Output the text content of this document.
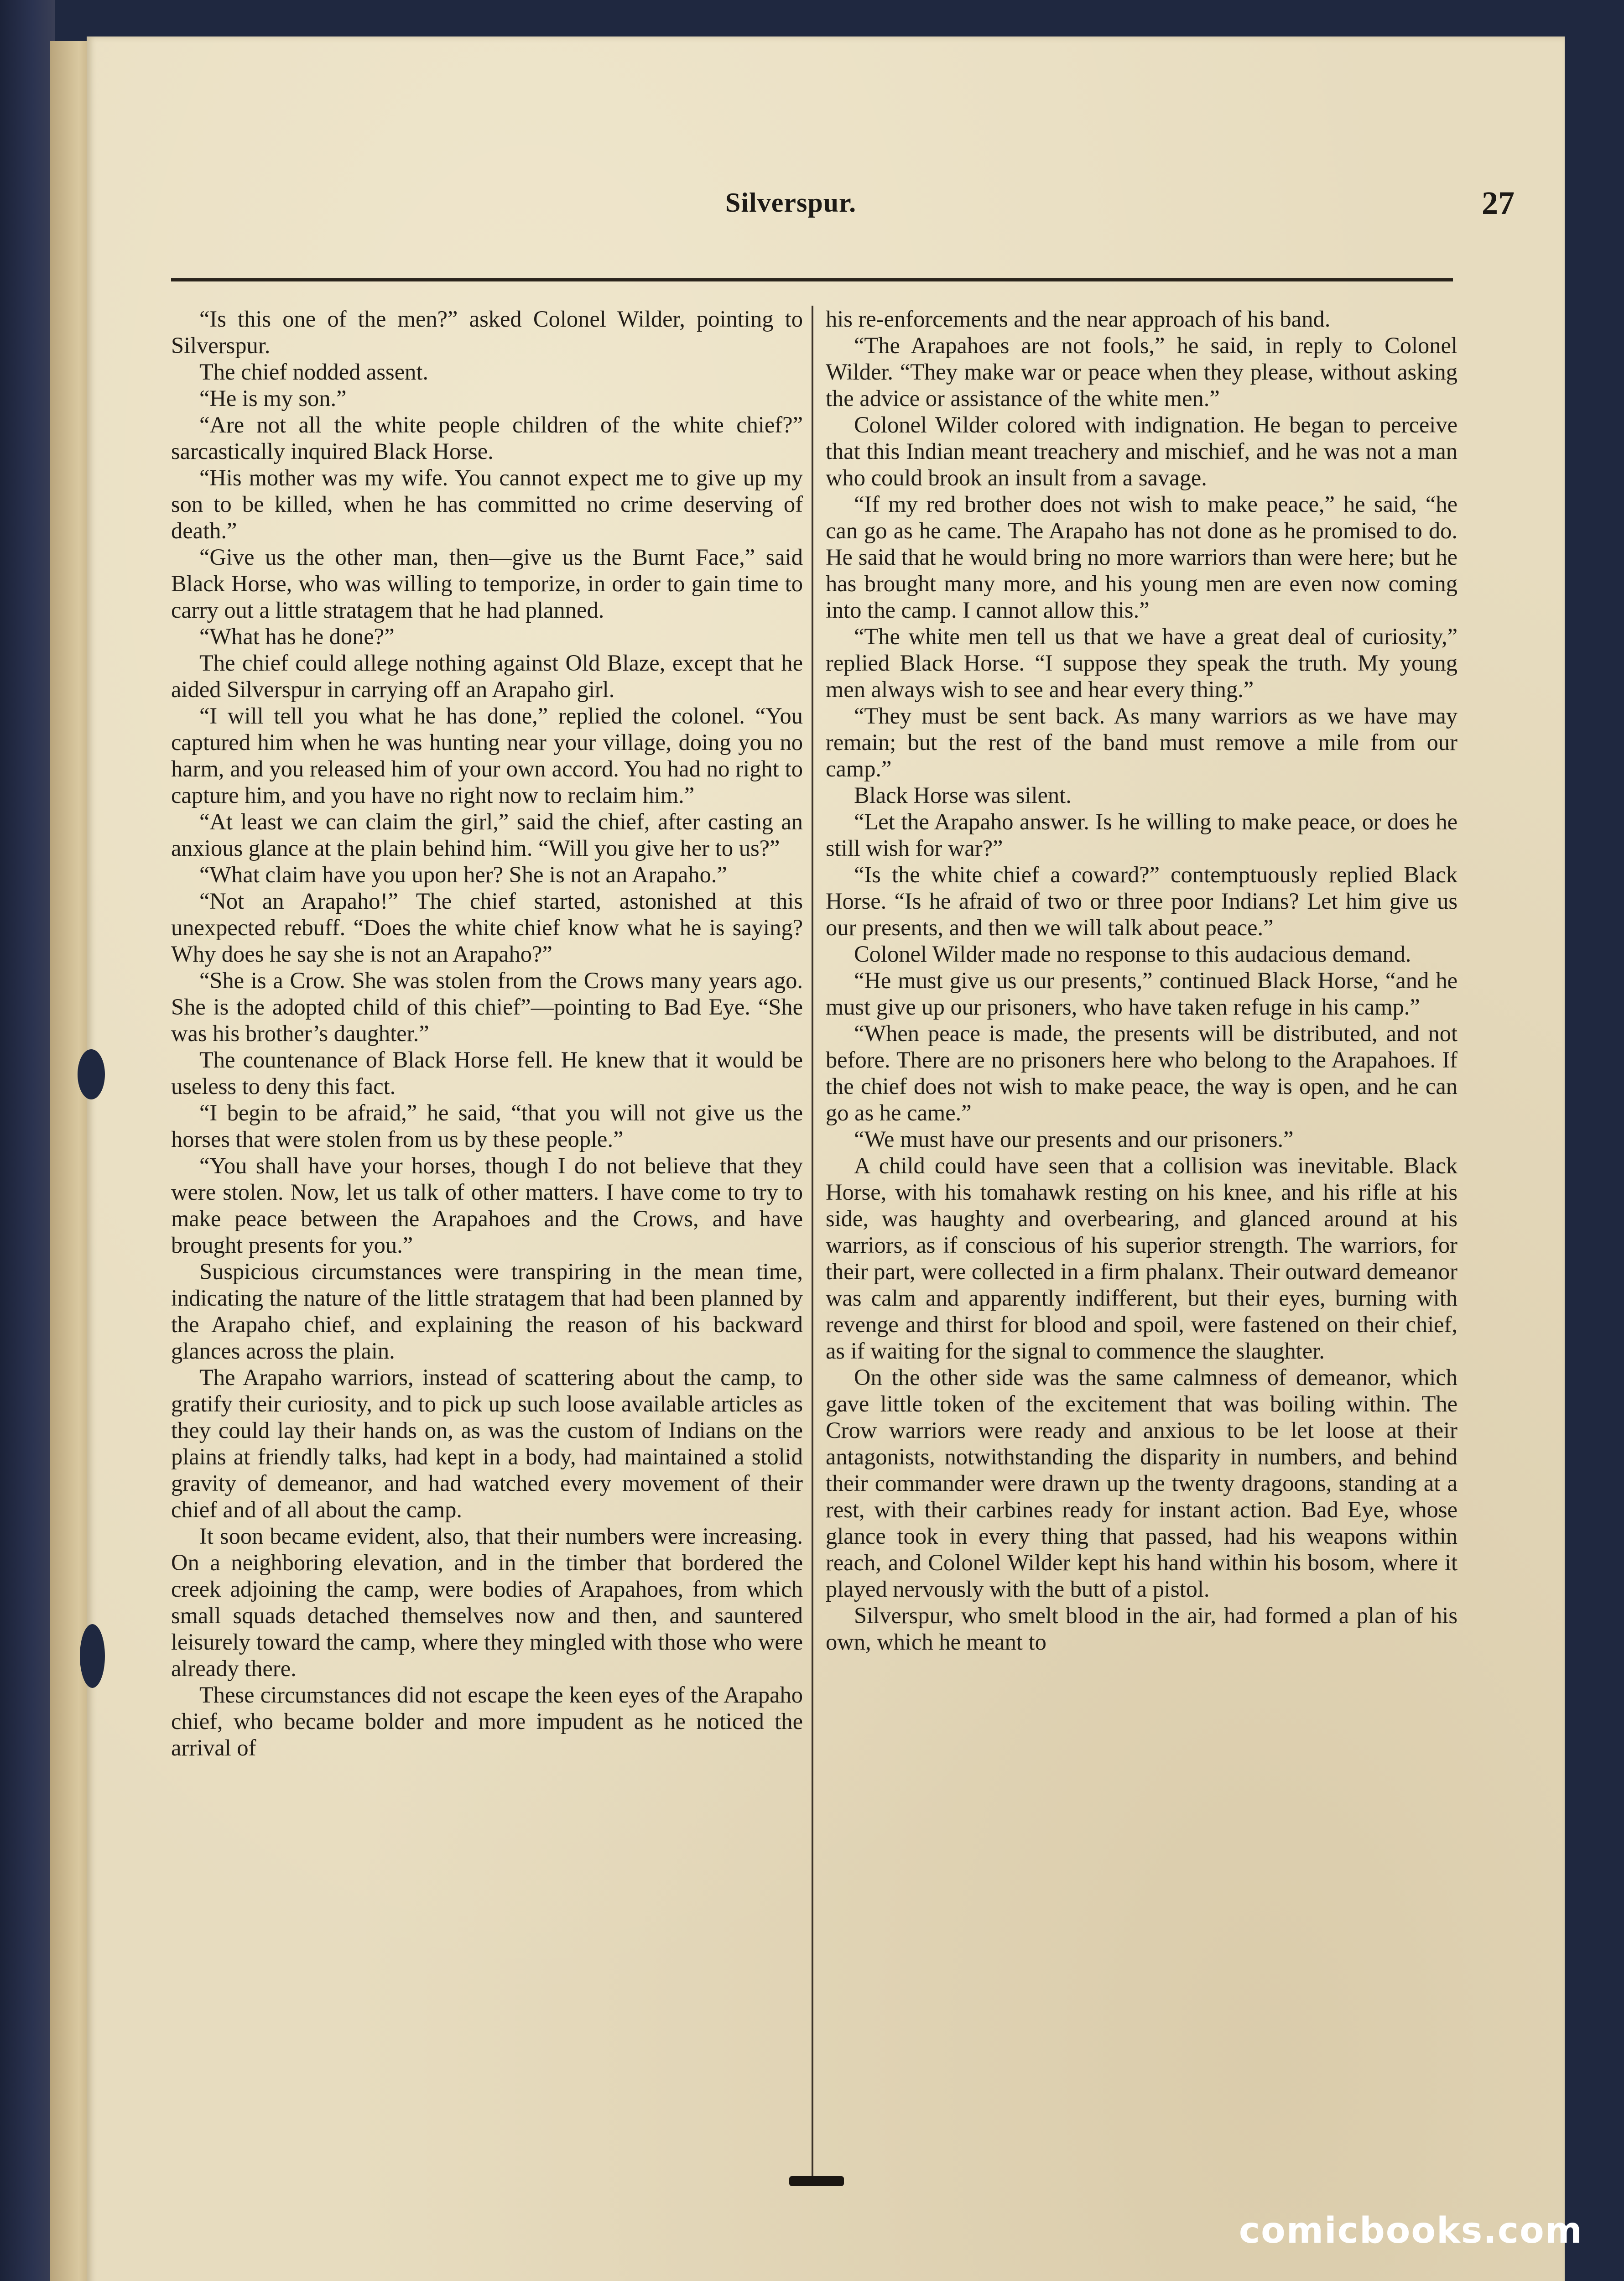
Silverspur.	27

“Is this one of the men?” asked Colonel Wilder, pointing to Silverspur.

The chief nodded assent.

“He is my son.”

“Are not all the white people children of the white chief?” sarcastically inquired Black Horse.

“His mother was my wife. You cannot expect me to give up my son to be killed, when he has committed no crime deserving of death.”

“Give us the other man, then—give us the Burnt Face,” said Black Horse, who was willing to temporize, in order to gain time to carry out a little stratagem that he had planned.

“What has he done?”

The chief could allege nothing against Old Blaze, except that he aided Silverspur in carrying off an Arapaho girl.

“I will tell you what he has done,” replied the colonel. “You captured him when he was hunting near your village, doing you no harm, and you released him of your own accord. You had no right to capture him, and you have no right now to reclaim him.”

“At least we can claim the girl,” said the chief, after casting an anxious glance at the plain behind him. “Will you give her to us?”

“What claim have you upon her? She is not an Arapaho.”

“Not an Arapaho!” The chief started, astonished at this unexpected rebuff. “Does the white chief know what he is saying? Why does he say she is not an Arapaho?”

“She is a Crow. She was stolen from the Crows many years ago. She is the adopted child of this chief”—pointing to Bad Eye. “She was his brother’s daughter.”

The countenance of Black Horse fell. He knew that it would be useless to deny this fact.

“I begin to be afraid,” he said, “that you will not give us the horses that were stolen from us by these people.”

“You shall have your horses, though I do not believe that they were stolen. Now, let us talk of other matters. I have come to try to make peace between the Arapahoes and the Crows, and have brought presents for you.”

Suspicious circumstances were transpiring in the mean time, indicating the nature of the little stratagem that had been planned by the Arapaho chief, and explaining the reason of his backward glances across the plain.

The Arapaho warriors, instead of scattering about the camp, to gratify their curiosity, and to pick up such loose available articles as they could lay their hands on, as was the custom of Indians on the plains at friendly talks, had kept in a body, had maintained a stolid gravity of demeanor, and had watched every movement of their chief and of all about the camp.

It soon became evident, also, that their numbers were increasing. On a neighboring elevation, and in the timber that bordered the creek adjoining the camp, were bodies of Arapahoes, from which small squads detached themselves now and then, and sauntered leisurely toward the camp, where they mingled with those who were already there.

These circumstances did not escape the keen eyes of the Arapaho chief, who became bolder and more impudent as he noticed the arrival of

his re-enforcements and the near approach of his band.

“The Arapahoes are not fools,” he said, in reply to Colonel Wilder. “They make war or peace when they please, without asking the advice or assistance of the white men.”

Colonel Wilder colored with indignation. He began to perceive that this Indian meant treachery and mischief, and he was not a man who could brook an insult from a savage.

“If my red brother does not wish to make peace,” he said, “he can go as he came. The Arapaho has not done as he promised to do. He said that he would bring no more warriors than were here; but he has brought many more, and his young men are even now coming into the camp. I cannot allow this.”

“The white men tell us that we have a great deal of curiosity,” replied Black Horse. “I suppose they speak the truth. My young men always wish to see and hear every thing.”

“They must be sent back. As many warriors as we have may remain; but the rest of the band must remove a mile from our camp.”

Black Horse was silent.

“Let the Arapaho answer. Is he willing to make peace, or does he still wish for war?”

“Is the white chief a coward?” contemptuously replied Black Horse. “Is he afraid of two or three poor Indians? Let him give us our presents, and then we will talk about peace.”

Colonel Wilder made no response to this audacious demand.

“He must give us our presents,” continued Black Horse, “and he must give up our prisoners, who have taken refuge in his camp.”

“When peace is made, the presents will be distributed, and not before. There are no prisoners here who belong to the Arapahoes. If the chief does not wish to make peace, the way is open, and he can go as he came.”

“We must have our presents and our prisoners.”

A child could have seen that a collision was inevitable. Black Horse, with his tomahawk resting on his knee, and his rifle at his side, was haughty and overbearing, and glanced around at his warriors, as if conscious of his superior strength. The warriors, for their part, were collected in a firm phalanx. Their outward demeanor was calm and apparently indifferent, but their eyes, burning with revenge and thirst for blood and spoil, were fastened on their chief, as if waiting for the signal to commence the slaughter.

On the other side was the same calmness of demeanor, which gave little token of the excitement that was boiling within. The Crow warriors were ready and anxious to be let loose at their antagonists, notwithstanding the disparity in numbers, and behind their commander were drawn up the twenty dragoons, standing at a rest, with their carbines ready for instant action. Bad Eye, whose glance took in every thing that passed, had his weapons within reach, and Colonel Wilder kept his hand within his bosom, where it played nervously with the butt of a pistol.

Silverspur, who smelt blood in the air, had formed a plan of his own, which he meant to

comicbooks.com
